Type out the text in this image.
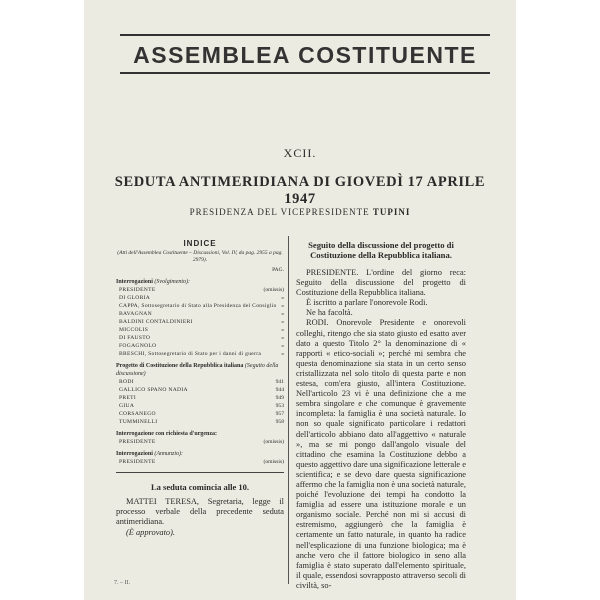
ASSEMBLEA COSTITUENTE
XCII.
SEDUTA ANTIMERIDIANA DI GIOVEDÌ 17 APRILE 1947
PRESIDENZA DEL VICEPRESIDENTE TUPINI
INDICE
(Atti dell'Assemblea Costituente – Discussioni, Vol. IV, da pag. 2955 a pag. 2979).
PAG.
Interrogazioni (Svolgimento):
PRESIDENTE	(omissis)
DI GLORIA	»
CAPPA, Sottosegretario di Stato alla Presidenza del Consiglio »
BAVAGNAN	»
BALDINI CONTALDINIERI	»
MICCOLIS	»
DI FAUSTO	»
FOGAGNOLO	»
BRESCHI, Sottosegretario di Stato per i danni di guerra	»
Progetto di Costituzione della Repubblica italiana (Seguito della discussione)
RODI	941
GALLICO SPANO NADIA	944
PRETI	949
GIUA	953
CORSANEGO	957
TUMMINELLI	958
Interrogazione con richiesta d'urgenza:
PRESIDENTE	(omissis)
Interrogazioni (Annunzio):
PRESIDENTE	(omissis)
La seduta comincia alle 10.
MATTEI TERESA, Segretaria, legge il processo verbale della precedente seduta antimeridiana.
(È approvato).
Seguito della discussione del progetto di Costituzione della Repubblica italiana.
PRESIDENTE. L'ordine del giorno reca: Seguito della discussione del progetto di Costituzione della Repubblica italiana.
È iscritto a parlare l'onorevole Rodi.
Ne ha facoltà.
RODI. Onorevole Presidente e onorevoli colleghi, ritengo che sia stato giusto ed esatto aver dato a questo Titolo 2° la denominazione di « rapporti « etico-sociali »; perché mi sembra che questa denominazione sia stata in un certo senso cristallizzata nel solo titolo di questa parte e non estesa, com'era giusto, all'intera Costituzione. Nell'articolo 23 vi è una definizione che a me sembra singolare e che comunque è gravemente incompleta: la famiglia è una società naturale. Io non so quale significato particolare i redattori dell'articolo abbiano dato all'aggettivo « naturale », ma se mi pongo dall'angolo visuale del cittadino che esamina la Costituzione debbo a questo aggettivo dare una significazione letterale e scientifica; e se devo dare questa significazione affermo che la famiglia non è una società naturale, poiché l'evoluzione dei tempi ha condotto la famiglia ad essere una istituzione morale e un organismo sociale. Perché non mi si accusi di estremismo, aggiungerò che la famiglia è certamente un fatto naturale, in quanto ha radice nell'esplicazione di una funzione biologica; ma è anche vero che il fattore biologico in seno alla famiglia è stato superato dall'elemento spirituale, il quale, essendosi sovrapposto attraverso secoli di civiltà, so-
7. – II.
